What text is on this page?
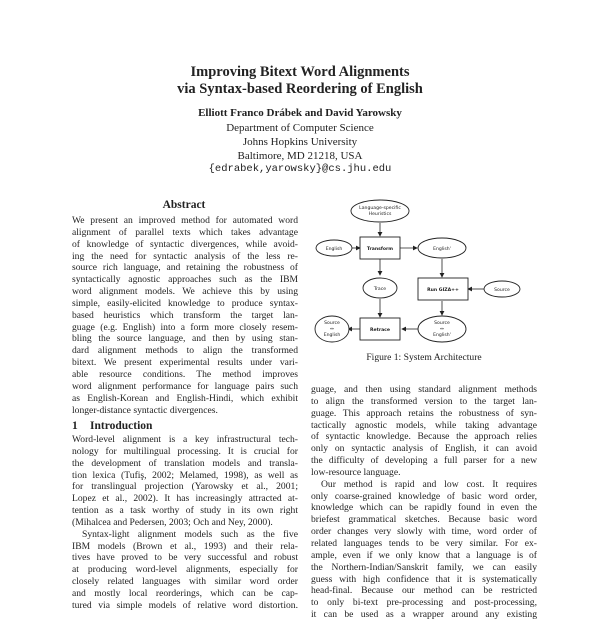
Improving Bitext Word Alignments
via Syntax-based Reordering of English
Elliott Franco Drábek and David Yarowsky
Department of Computer Science
Johns Hopkins University
Baltimore, MD 21218, USA
{edrabek,yarowsky}@cs.jhu.edu
Abstract
We present an improved method for automated word
alignment of parallel texts which takes advantage
of knowledge of syntactic divergences, while avoid-
ing the need for syntactic analysis of the less re-
source rich language, and retaining the robustness of
syntactically agnostic approaches such as the IBM
word alignment models. We achieve this by using
simple, easily-elicited knowledge to produce syntax-
based heuristics which transform the target lan-
guage (e.g. English) into a form more closely resem-
bling the source language, and then by using stan-
dard alignment methods to align the transformed
bitext. We present experimental results under vari-
able resource conditions. The method improves
word alignment performance for language pairs such
as English-Korean and English-Hindi, which exhibit
longer-distance syntactic divergences.
1 Introduction
Word-level alignment is a key infrastructural tech-
nology for multilingual processing. It is crucial for
the development of translation models and transla-
tion lexica (Tufiş, 2002; Melamed, 1998), as well as
for translingual projection (Yarowsky et al., 2001;
Lopez et al., 2002). It has increasingly attracted at-
tention as a task worthy of study in its own right
(Mihalcea and Pedersen, 2003; Och and Ney, 2000).
Syntax-light alignment models such as the five
IBM models (Brown et al., 1993) and their rela-
tives have proved to be very successful and robust
at producing word-level alignments, especially for
closely related languages with similar word order
and mostly local reorderings, which can be cap-
tured via simple models of relative word distortion.
Language-specific
Heuristics
English	Transform	English'
Trace	Run GIZA++	Source
Retrace
Source
↔
English
Source
↔
English'
Figure 1: System Architecture
guage, and then using standard alignment methods
to align the transformed version to the target lan-
guage. This approach retains the robustness of syn-
tactically agnostic models, while taking advantage
of syntactic knowledge. Because the approach relies
only on syntactic analysis of English, it can avoid
the difficulty of developing a full parser for a new
low-resource language.
Our method is rapid and low cost. It requires
only coarse-grained knowledge of basic word order,
knowledge which can be rapidly found in even the
briefest grammatical sketches. Because basic word
order changes very slowly with time, word order of
related languages tends to be very similar. For ex-
ample, even if we only know that a language is of
the Northern-Indian/Sanskrit family, we can easily
guess with high confidence that it is systematically
head-final. Because our method can be restricted
to only bi-text pre-processing and post-processing,
it can be used as a wrapper around any existing
